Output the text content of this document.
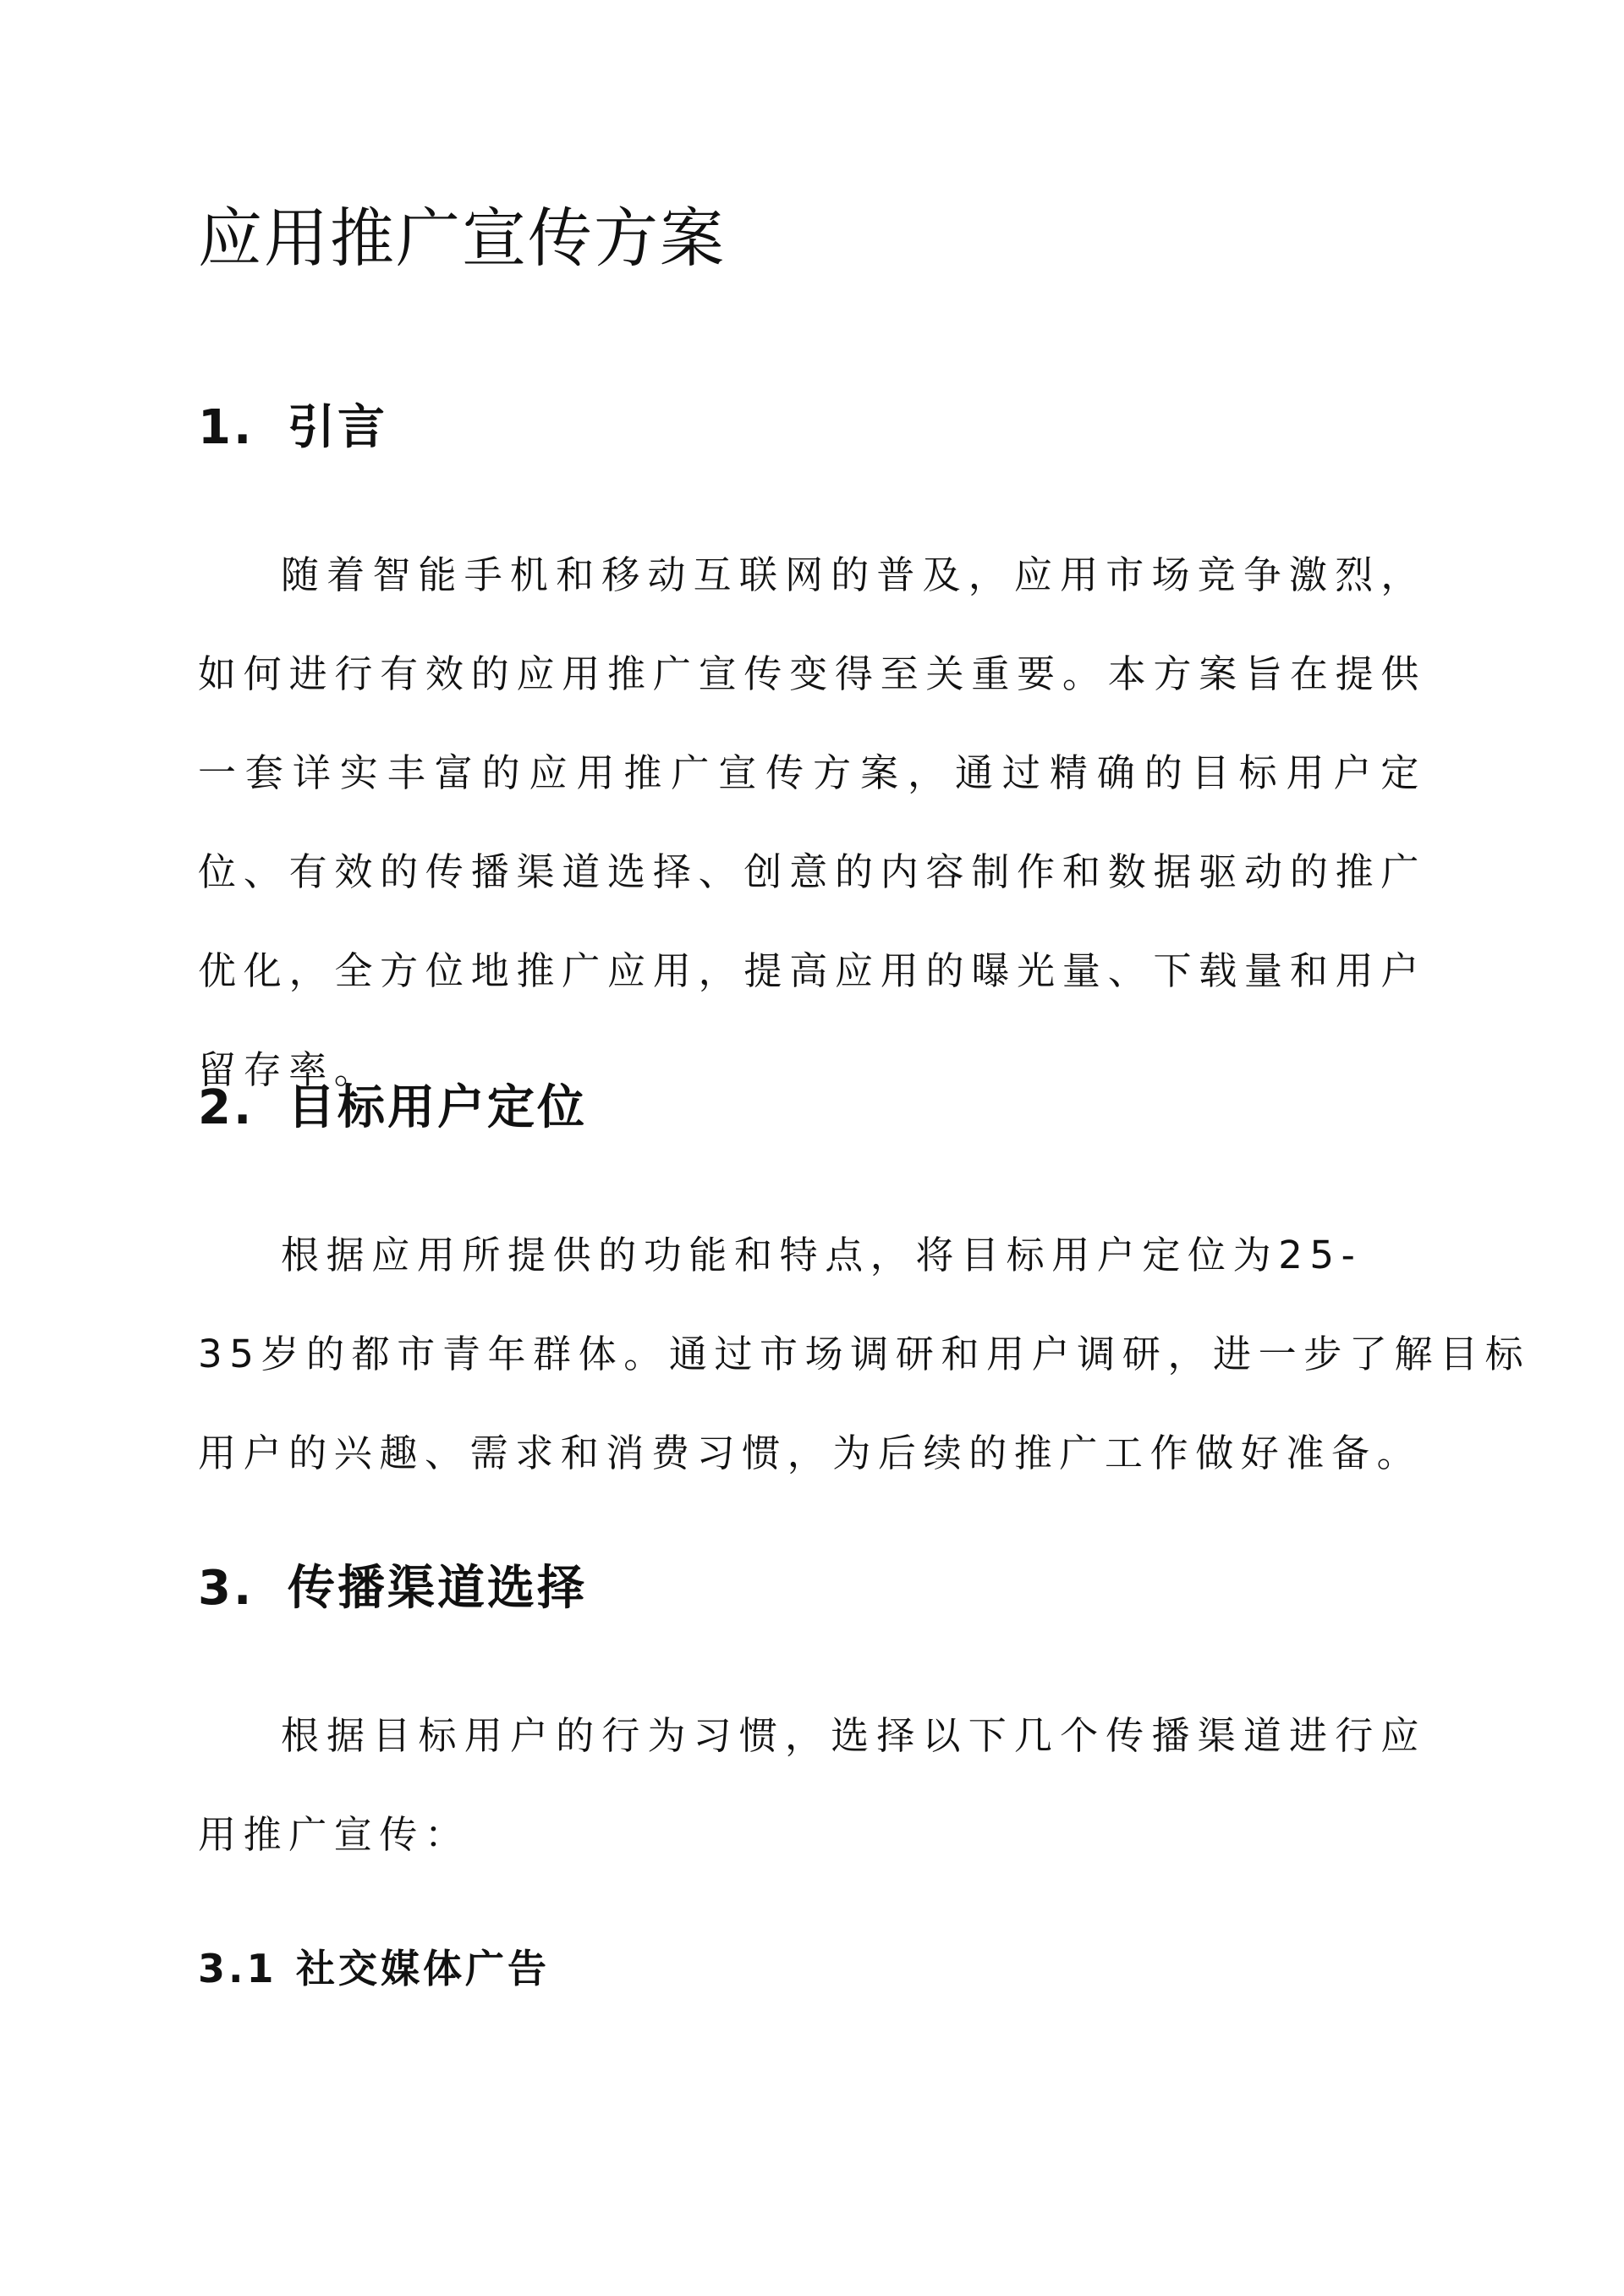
应用推广宣传方案
1. 引言

随着智能手机和移动互联网的普及，应用市场竞争激烈，如何进行有效的应用推广宣传变得至关重要。本方案旨在提供一套详实丰富的应用推广宣传方案，通过精确的目标用户定位、有效的传播渠道选择、创意的内容制作和数据驱动的推广优化，全方位地推广应用，提高应用的曝光量、下载量和用户留存率。

2. 目标用户定位
根据应用所提供的功能和特点，将目标用户定位为25-
35岁的都市青年群体。通过市场调研和用户调研，进一步了解目标
用户的兴趣、需求和消费习惯，为后续的推广工作做好准备。
3. 传播渠道选择

根据目标用户的行为习惯，选择以下几个传播渠道进行应用推广宣传：

3.1 社交媒体广告
